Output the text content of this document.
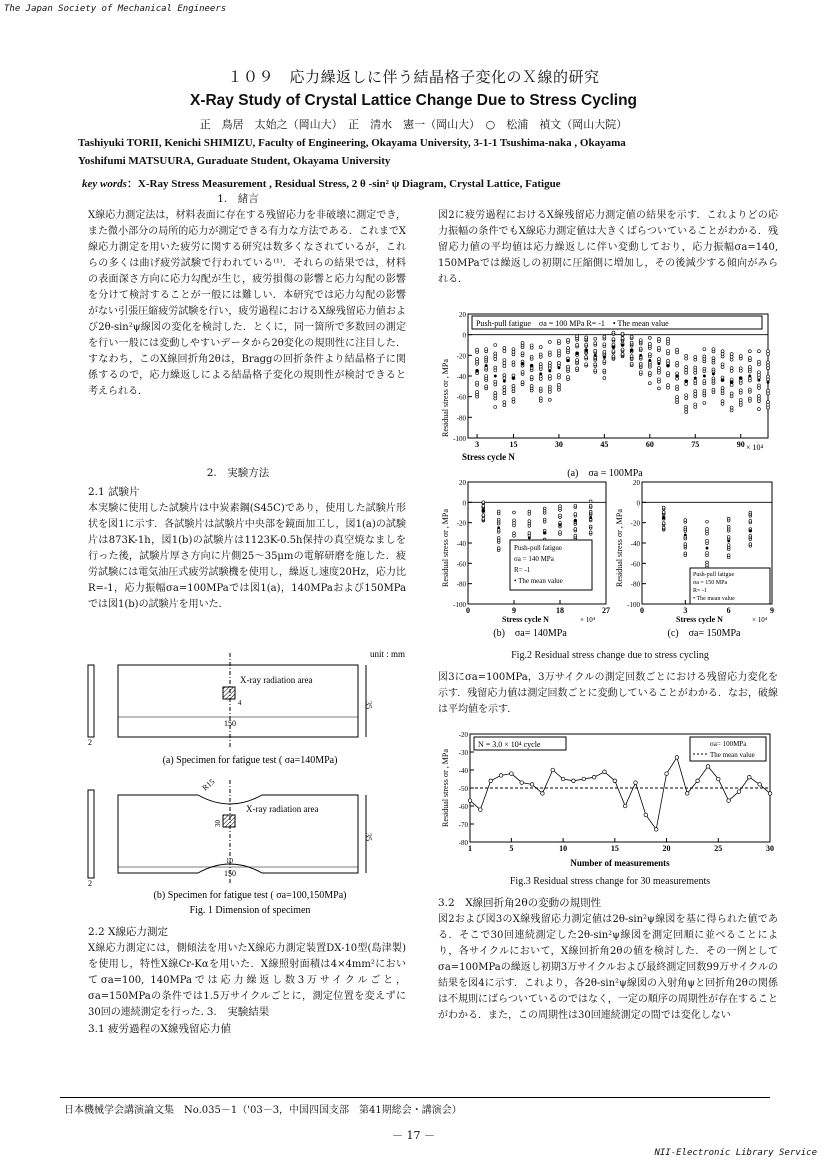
The Japan Society of Mechanical Engineers
NII-Electronic Library Service
１０９　応力繰返しに伴う結晶格子変化のＸ線的研究
X-Ray Study of Crystal Lattice Change Due to Stress Cycling
正　鳥居　太始之（岡山大）　正　清水　憲一（岡山大）　○　松浦　禎文（岡山大院）
Tashiyuki TORII, Kenichi SHIMIZU, Faculty of Engineering, Okayama University, 3-1-1 Tsushima-naka , Okayama
Yoshifumi MATSUURA, Guraduate Student, Okayama University
key words：X-Ray Stress Measurement , Residual Stress, 2 θ -sin² ψ Diagram, Crystal Lattice, Fatigue
1.　緒言
X線応力測定法は，材料表面に存在する残留応力を非破壊に測定でき，また微小部分の局所的応力が測定できる有力な方法である．これまでX線応力測定を用いた疲労に関する研究は数多くなされているが，これらの多くは曲げ疲労試験で行われている⁽¹⁾．それらの結果では，材料の表面深さ方向に応力勾配が生じ，疲労損傷の影響と応力勾配の影響を分けて検討することが一般には難しい．本研究では応力勾配の影響がない引張圧縮疲労試験を行い，疲労過程におけるX線残留応力値および2θ-sin²ψ線図の変化を検討した．とくに，同一箇所で多数回の測定を行い一般には変動しやすいデータから2θ変化の規則性に注目した．すなわち，このX線回折角2θは，Braggの回折条件より結晶格子に関係するので，応力繰返しによる結晶格子変化の規則性が検討できると考えられる．
2.　実験方法
2.1 試験片
本実験に使用した試験片は中炭素鋼(S45C)であり，使用した試験片形状を図1に示す．各試験片は試験片中央部を鏡面加工し，図1(a)の試験片は873K-1h，図1(b)の試験片は1123K-0.5h保持の真空焼なましを行った後，試験片厚さ方向に片側25～35μmの電解研磨を施した．疲労試験には電気油圧式疲労試験機を使用し，繰返し速度20Hz，応力比R=-1，応力振幅σa=100MPaでは図1(a)，140MPaおよび150MPaでは図1(b)の試験片を用いた．
unit : mm
2
X-ray radiation area
4	35
150
(a) Specimen for fatigue test ( σa=140MPa)
2
X-ray radiation area
R15
30
35
10
150
(b) Specimen for fatigue test ( σa=100,150MPa)
Fig. 1 Dimension of specimen
2.2 X線応力測定
X線応力測定には，側傾法を用いたX線応力測定装置DX-10型(島津製)を使用し，特性X線Cr-Kαを用いた．X線照射面積は4×4mm²においてσa=100, 140MPaでは応力繰返し数3万サイクルごと，σa=150MPaの条件では1.5万サイクルごとに，測定位置を変えずに30回の連続測定を行った．
3.　実験結果
3.1 疲労過程のX線残留応力値
図2に疲労過程におけるX線残留応力測定値の結果を示す．これよりどの応力振幅の条件でもX線応力測定値は大きくばらついていることがわかる．残留応力値の平均値は応力繰返しに伴い変動しており，応力振幅σa=140, 150MPaでは繰返しの初期に圧縮側に増加し，その後減少する傾向がみられる．
20
0
-20
-40
-60
-80
-100
3	15	30	45	60	75	90
Push-pull fatigue　σa = 100 MPa R= -1　• The mean value
Stress cycle N
× 10⁴
(a)　σa = 100MPa
Residual stress σr , MPa
20
0
-20
-40
-60
-80
-100
0	9	18	27
Push-pull fatigue
σa = 140 MPa
R= -1
• The mean value
Stress cycle N	× 10⁴
(b)　σa= 140MPa
Residual stress σr , MPa
20
0
-20
-40
-60
-80
-100
0	3	6	9
Push-pull fatigue
σa = 150 MPa
R= -1
• The mean value
Stress cycle N	× 10⁴
(c)　σa= 150MPa
Residual stress σr , MPa
Fig.2 Residual stress change due to stress cycling
図3にσa=100MPa，3万サイクルの測定回数ごとにおける残留応力変化を示す．残留応力値は測定回数ごとに変動していることがわかる．なお，破線は平均値を示す．
-20
-30
-40
-50
-60
-70
-80
1	5	10	15	20	25	30
N = 3.0 × 10⁴ cycle	σa= 100MPa
The mean value
Number of measurements
Residual stress σr , MPa
Fig.3 Residual stress change for 30 measurements
3.2　X線回折角2θの変動の規則性
図2および図3のX線残留応力測定値は2θ-sin²ψ線図を基に得られた値である．そこで30回連続測定した2θ-sin²ψ線図を測定回順に並べることにより，各サイクルにおいて，X線回折角2θの値を検討した．その一例としてσa=100MPaの繰返し初期3万サイクルおよび最終測定回数99万サイクルの結果を図4に示す．これより，各2θ-sin²ψ線図の入射角ψと回折角2θの関係は不規則にばらついているのではなく，一定の順序の周期性が存在することがわかる．また，この周期性は30回連続測定の間では変化しない
日本機械学会講演論文集　No.035－1（'03－3，中国四国支部　第41期総会・講演会）
－ 17 －
